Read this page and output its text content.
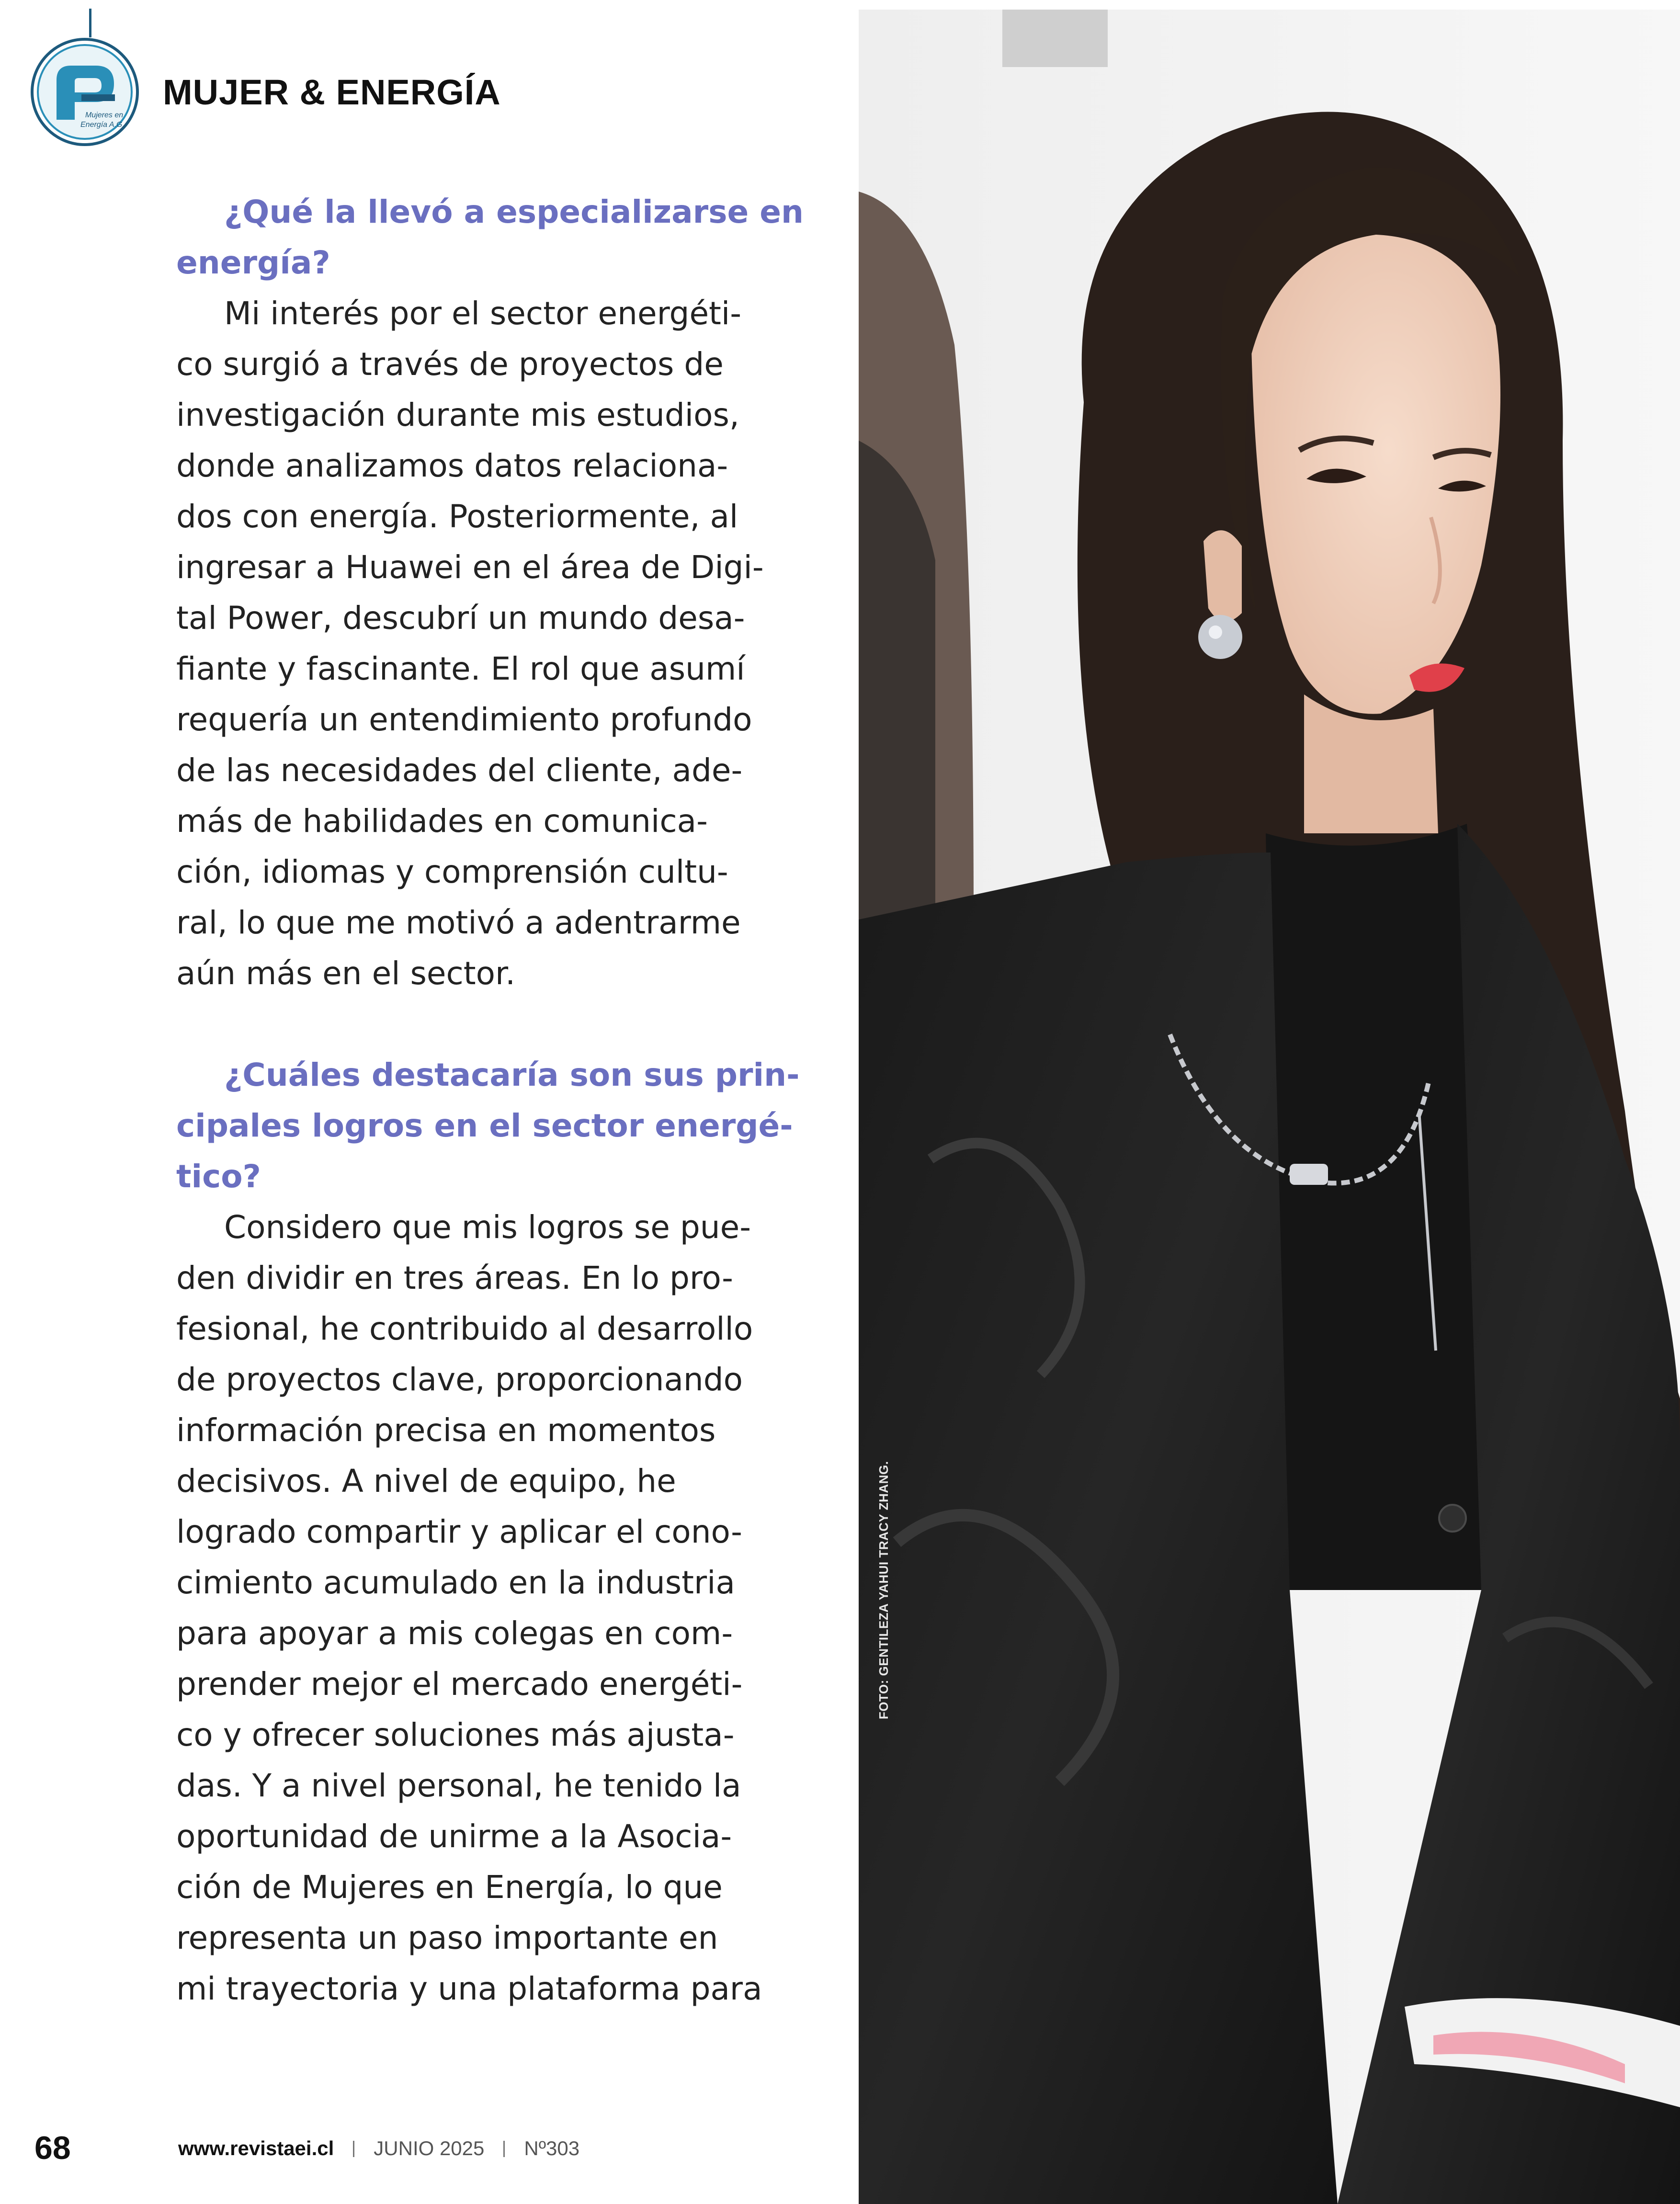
Mujeres en
Energía A.G.
MUJER & ENERGÍA

¿Qué la llevó a especializarse en
energía?

Mi interés por el sector energéti-
co surgió a través de proyectos de
investigación durante mis estudios,
donde analizamos datos relaciona-
dos con energía. Posteriormente, al
ingresar a Huawei en el área de Digi-
tal Power, descubrí un mundo desa-
fiante y fascinante. El rol que asumí
requería un entendimiento profundo
de las necesidades del cliente, ade-
más de habilidades en comunica-
ción, idiomas y comprensión cultu-
ral, lo que me motivó a adentrarme
aún más en el sector.

¿Cuáles destacaría son sus prin-
cipales logros en el sector energé-
tico?

Considero que mis logros se pue-
den dividir en tres áreas. En lo pro-
fesional, he contribuido al desarrollo
de proyectos clave, proporcionando
información precisa en momentos
decisivos. A nivel de equipo, he
logrado compartir y aplicar el cono-
cimiento acumulado en la industria
para apoyar a mis colegas en com-
prender mejor el mercado energéti-
co y ofrecer soluciones más ajusta-
das. Y a nivel personal, he tenido la
oportunidad de unirme a la Asocia-
ción de Mujeres en Energía, lo que
representa un paso importante en
mi trayectoria y una plataforma para

FOTO: GENTILEZA YAHUI TRACY ZHANG.
68	www.revistaei.cl JUNIO 2025 Nº303
